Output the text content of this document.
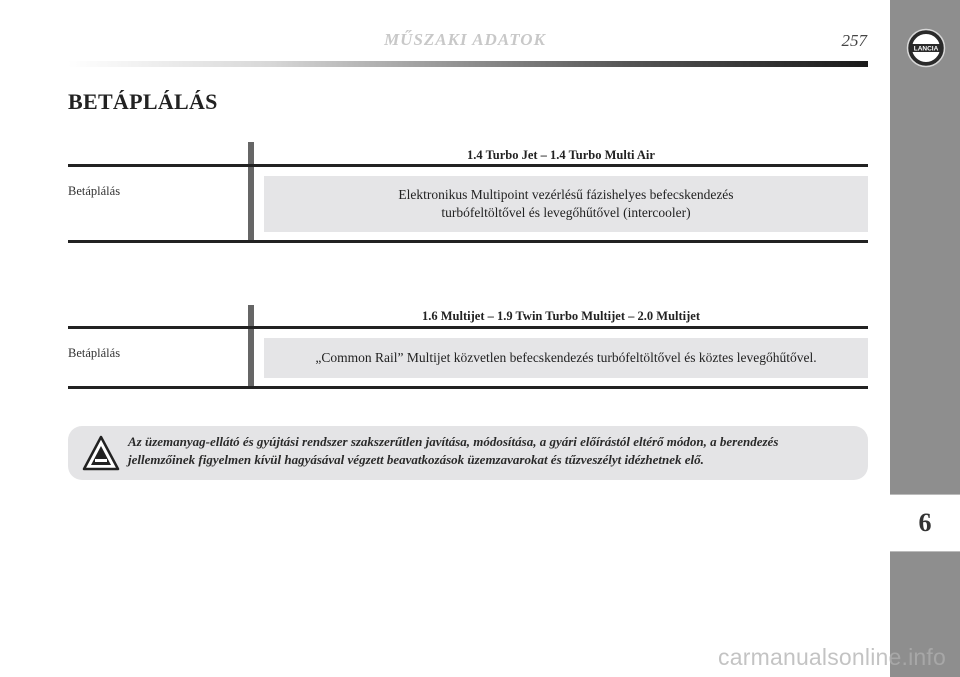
MŰSZAKI ADATOK	257	LANCIA
6
BETÁPLÁLÁS
1.4 Turbo Jet – 1.4 Turbo Multi Air
Betáplálás	Elektronikus Multipoint vezérlésű fázishelyes befecskendezés
turbófeltöltővel és levegőhűtővel (intercooler)
1.6 Multijet – 1.9 Twin Turbo Multijet – 2.0 Multijet
Betáplálás	„Common Rail” Multijet közvetlen befecskendezés turbófeltöltővel és köztes levegőhűtővel.
Az üzemanyag-ellátó és gyújtási rendszer szakszerűtlen javítása, módosítása, a gyári előírástól eltérő módon, a berendezés
jellemzőinek figyelmen kívül hagyásával végzett beavatkozások üzemzavarokat és tűzveszélyt idézhetnek elő.
carmanualsonline.info
